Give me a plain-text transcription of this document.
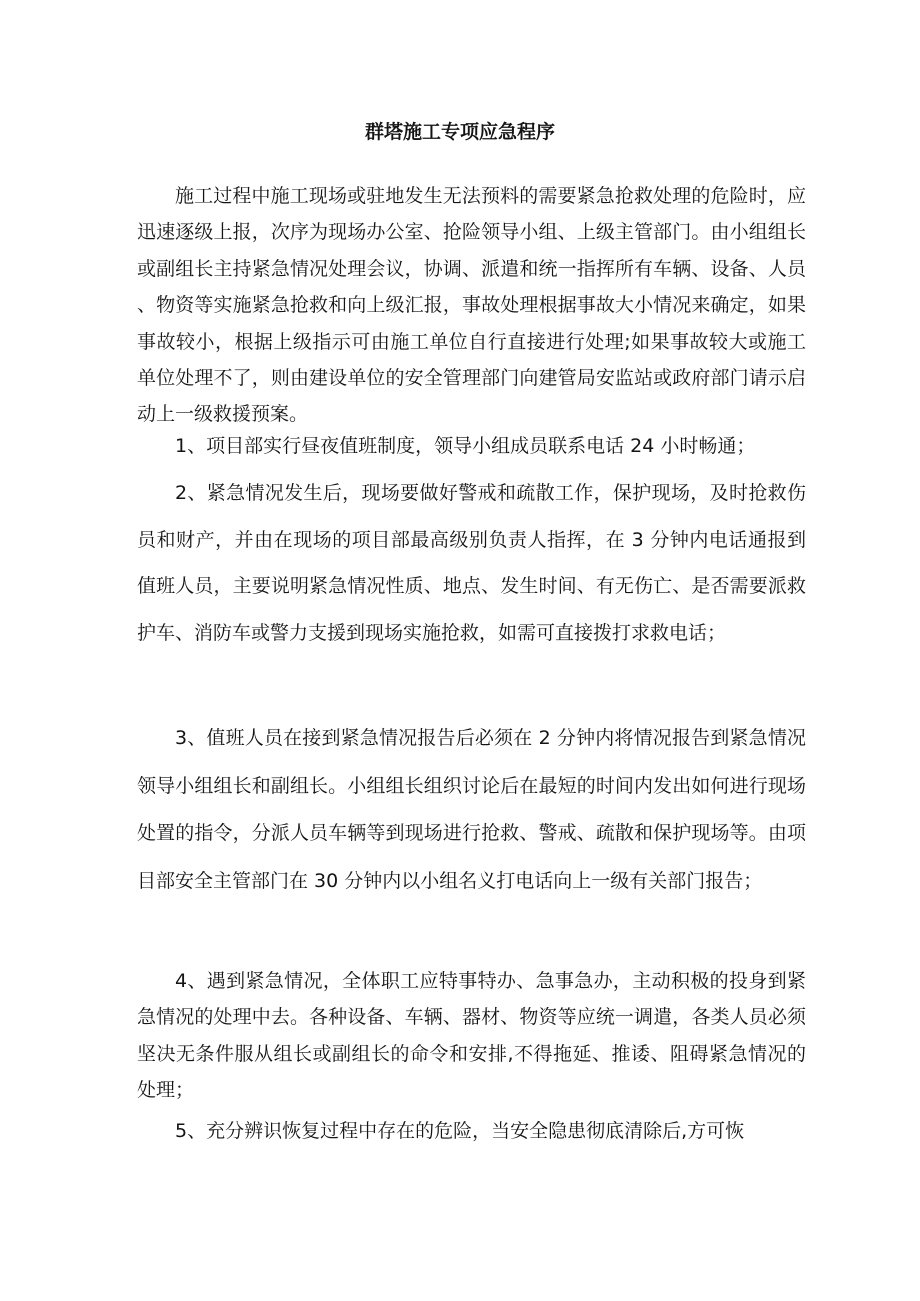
群塔施工专项应急程序

施工过程中施工现场或驻地发生无法预料的需要紧急抢救处理的危险时，应迅速逐级上报，次序为现场办公室、抢险领导小组、上级主管部门。由小组组长或副组长主持紧急情况处理会议，协调、派遣和统一指挥所有车辆、设备、人员、物资等实施紧急抢救和向上级汇报，事故处理根据事故大小情况来确定，如果事故较小，根据上级指示可由施工单位自行直接进行处理;如果事故较大或施工单位处理不了，则由建设单位的安全管理部门向建管局安监站或政府部门请示启动上一级救援预案。

1、项目部实行昼夜值班制度，领导小组成员联系电话 24 小时畅通；

2、紧急情况发生后，现场要做好警戒和疏散工作，保护现场，及时抢救伤员和财产，并由在现场的项目部最高级别负责人指挥，在 3 分钟内电话通报到值班人员，主要说明紧急情况性质、地点、发生时间、有无伤亡、是否需要派救护车、消防车或警力支援到现场实施抢救，如需可直接拨打求救电话；

3、值班人员在接到紧急情况报告后必须在 2 分钟内将情况报告到紧急情况领导小组组长和副组长。小组组长组织讨论后在最短的时间内发出如何进行现场处置的指令，分派人员车辆等到现场进行抢救、警戒、疏散和保护现场等。由项目部安全主管部门在 30 分钟内以小组名义打电话向上一级有关部门报告；

4、遇到紧急情况，全体职工应特事特办、急事急办，主动积极的投身到紧急情况的处理中去。各种设备、车辆、器材、物资等应统一调遣，各类人员必须坚决无条件服从组长或副组长的命令和安排,不得拖延、推诿、阻碍紧急情况的处理；

5、充分辨识恢复过程中存在的危险，当安全隐患彻底清除后,方可恢
